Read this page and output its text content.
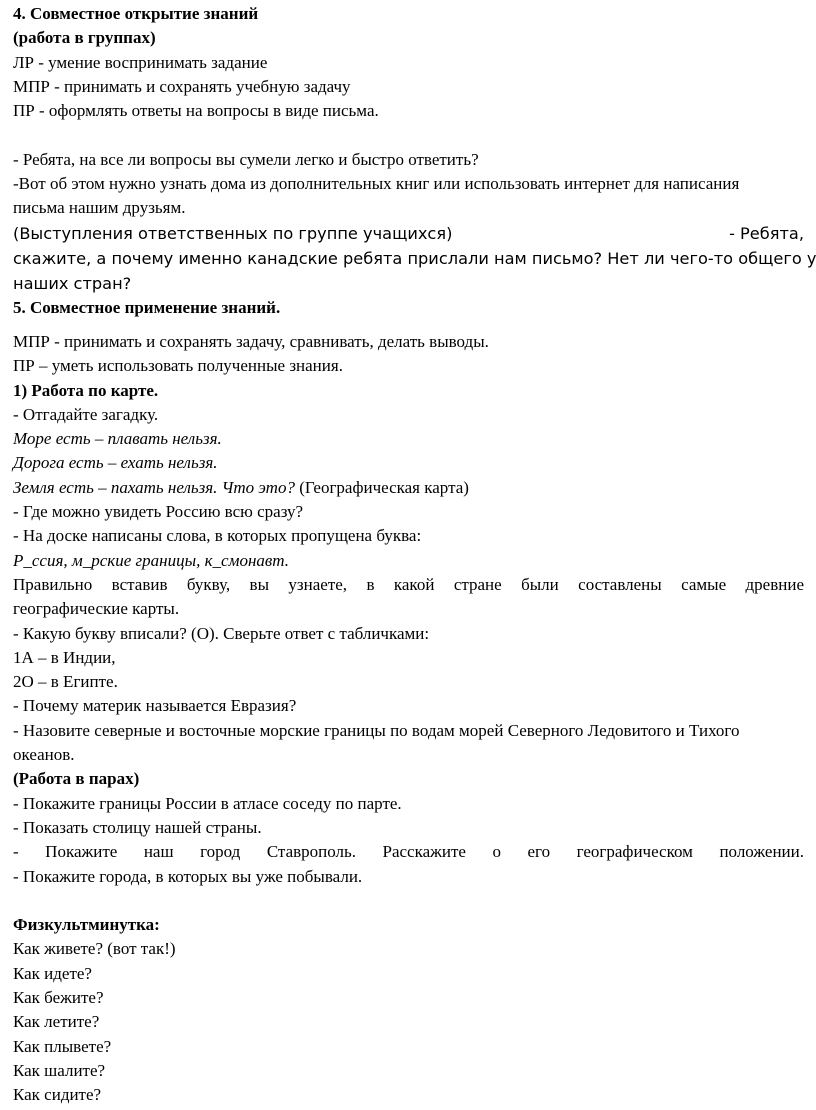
4. Совместное открытие знаний

(работа в группах)

ЛР - умение воспринимать задание

МПР - принимать и сохранять учебную задачу

ПР - оформлять ответы на вопросы в виде письма.

- Ребята, на все ли вопросы вы сумели легко и быстро ответить?

-Вот об этом нужно узнать дома из дополнительных книг или использовать интернет для написания

письма нашим друзьям.

(Выступления ответственных по группе учащихся)	- Ребята,

скажите, а почему именно канадские ребята прислали нам письмо? Нет ли чего-то общего у

наших стран?

5. Совместное применение знаний.

МПР - принимать и сохранять задачу, сравнивать, делать выводы.

ПР – уметь использовать полученные знания.

1) Работа по карте.

- Отгадайте загадку.

Море есть – плавать нельзя.

Дорога есть – ехать нельзя.

Земля есть – пахать нельзя. Что это? (Географическая карта)

- Где можно увидеть Россию всю сразу?

- На доске написаны слова, в которых пропущена буква:

Р_ссия, м_рские границы, к_смонавт.

Правильно вставив букву, вы узнаете, в какой стране были составлены самые древние

географические карты.

- Какую букву вписали? (О). Сверьте ответ с табличками:

1А – в Индии,

2О – в Египте.

- Почему материк называется Евразия?

- Назовите северные и восточные морские границы по водам морей Северного Ледовитого и Тихого

океанов.

(Работа в парах)

- Покажите границы России в атласе соседу по парте.

- Показать столицу нашей страны.

- Покажите наш город Ставрополь. Расскажите о его географическом положении.

- Покажите города, в которых вы уже побывали.

Физкультминутка:

Как живете? (вот так!)

Как идете?

Как бежите?

Как летите?

Как плывете?

Как шалите?

Как сидите?
